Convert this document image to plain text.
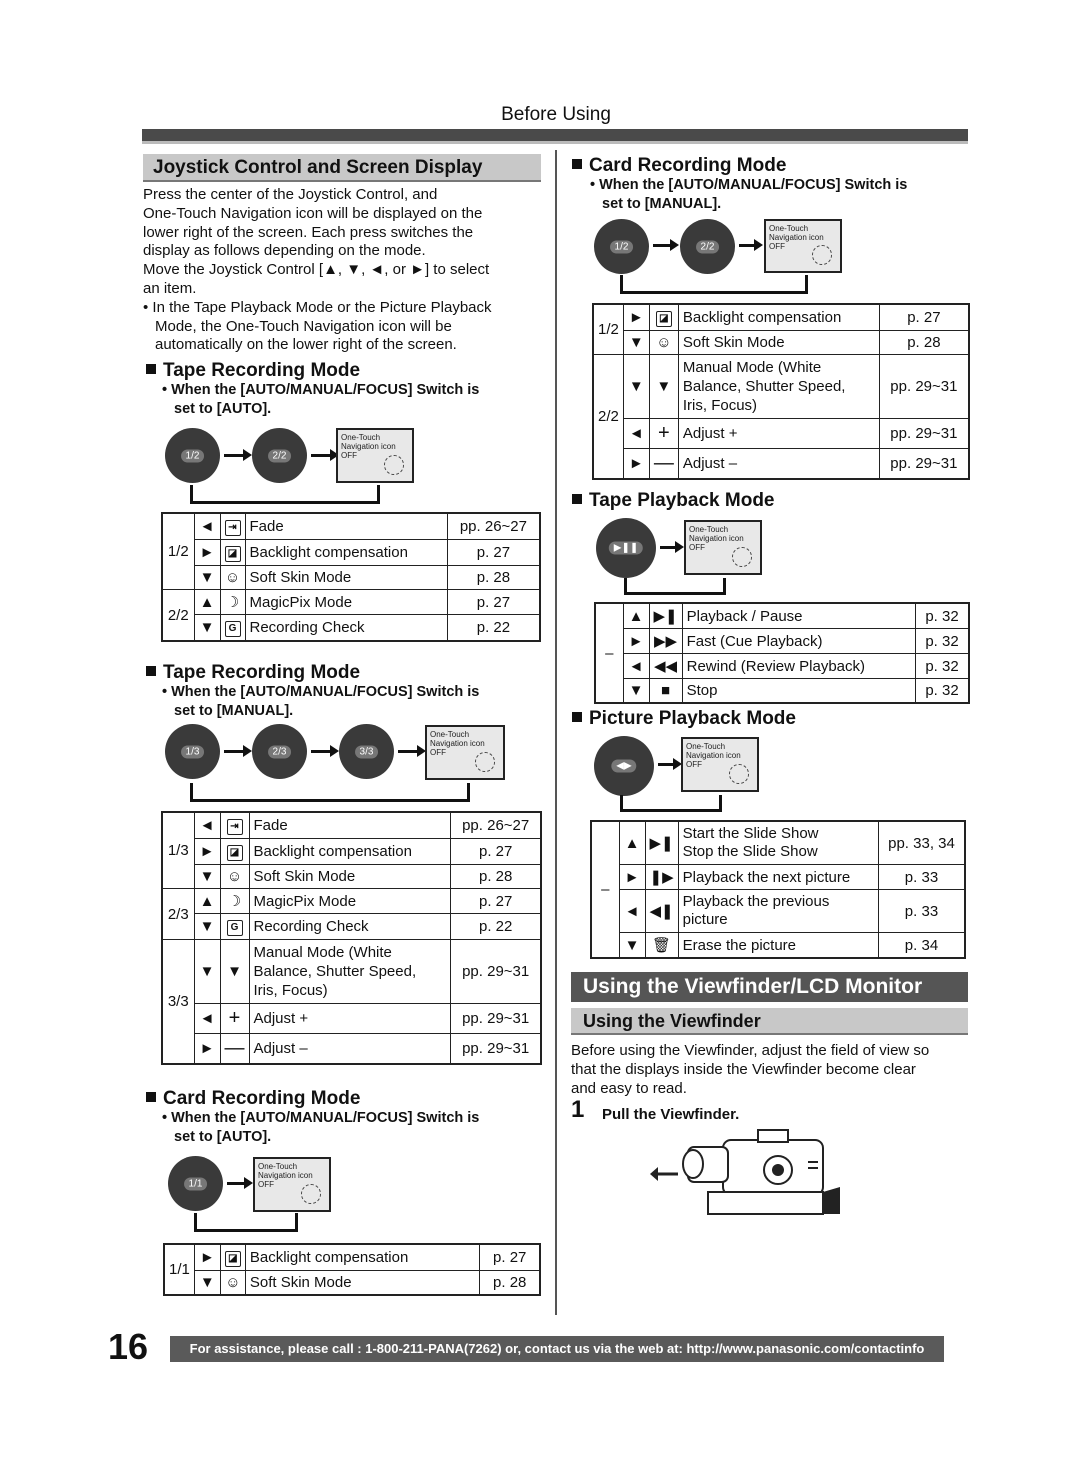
Before Using
Joystick Control and Screen Display
Press the center of the Joystick Control, and
One-Touch Navigation icon will be displayed on the
lower right of the screen. Each press switches the
display as follows depending on the mode.
Move the Joystick Control [▲, ▼, ◄, or ►] to select
an item.
• In the Tape Playback Mode or the Picture Playback
Mode, the One-Touch Navigation icon will be
automatically on the lower right of the screen.
Tape Recording Mode
• When the [AUTO/MANUAL/FOCUS] Switch is
set to [AUTO].
1/2	2/2
One-Touch
Navigation icon OFF
1/2	◄	⇥	Fade	pp. 26~27
	►	◪	Backlight compensation	p. 27
	▼	☺	Soft Skin Mode	p. 28
2/2	▲	☽	MagicPix Mode	p. 27
	▼	G	Recording Check	p. 22
Tape Recording Mode
• When the [AUTO/MANUAL/FOCUS] Switch is
set to [MANUAL].
1/3	2/3	3/3
One-Touch
Navigation icon OFF
1/3	◄	⇥	Fade	pp. 26~27
	►	◪	Backlight compensation	p. 27
	▼	☺	Soft Skin Mode	p. 28
2/3	▲	☽	MagicPix Mode	p. 27
	▼	G	Recording Check	p. 22
3/3	▼	▼	Manual Mode (White
Balance, Shutter Speed,
Iris, Focus)	pp. 29~31
	◄	+	Adjust +	pp. 29~31
	►	—	Adjust –	pp. 29~31
Card Recording Mode
• When the [AUTO/MANUAL/FOCUS] Switch is
set to [AUTO].
1/1
One-Touch
Navigation icon OFF
1/1	►	◪	Backlight compensation	p. 27
	▼	☺	Soft Skin Mode	p. 28
Card Recording Mode
• When the [AUTO/MANUAL/FOCUS] Switch is
set to [MANUAL].
1/2	2/2
One-Touch
Navigation icon OFF
1/2	►	◪	Backlight compensation	p. 27
	▼	☺	Soft Skin Mode	p. 28
2/2	▼	▼	Manual Mode (White
Balance, Shutter Speed,
Iris, Focus)	pp. 29~31
	◄	+	Adjust +	pp. 29~31
	►	—	Adjust –	pp. 29~31
Tape Playback Mode
▶❚❚
One-Touch
Navigation icon OFF
–	▲	▶❚	Playback / Pause	p. 32
	►	▶▶	Fast (Cue Playback)	p. 32
	◄	◀◀	Rewind (Review Playback)	p. 32
	▼	■	Stop	p. 32
Picture Playback Mode
◀▶
One-Touch
Navigation icon OFF
–	▲	▶❚	Start the Slide Show
Stop the Slide Show	pp. 33, 34
	►	❚▶	Playback the next picture	p. 33
	◄	◀❚	Playback the previous
picture	p. 33
	▼	🗑	Erase the picture	p. 34
Using the Viewfinder/LCD Monitor
Using the Viewfinder
Before using the Viewfinder, adjust the field of view so
that the displays inside the Viewfinder become clear
and easy to read.
1 Pull the Viewfinder.
16	For assistance, please call : 1-800-211-PANA(7262) or, contact us via the web at: http://www.panasonic.com/contactinfo
